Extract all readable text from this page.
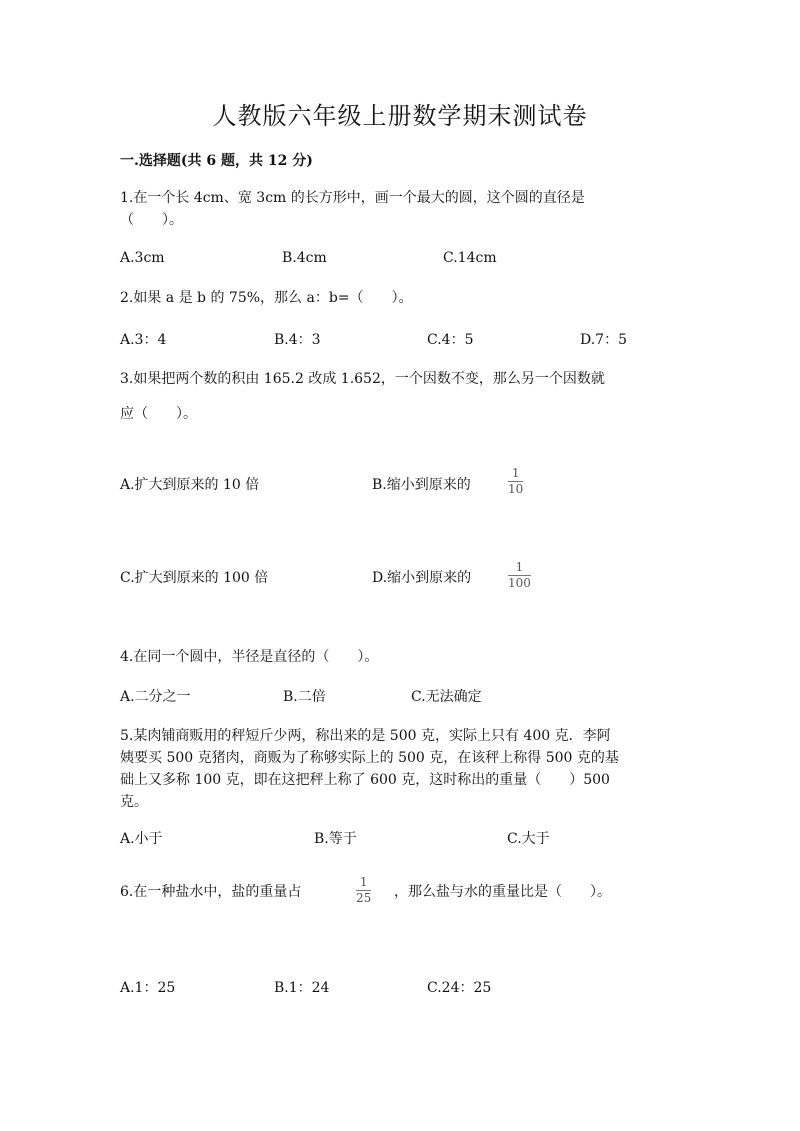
人教版六年级上册数学期末测试卷
一.选择题(共 6 题，共 12 分)
1.在一个长 4cm、宽 3cm 的长方形中，画一个最大的圆，这个圆的直径是
（　　）。
A.3cm	B.4cm	C.14cm
2.如果 a 是 b 的 75%，那么 a：b=（　　）。
A.3：4	B.4：3	C.4：5	D.7：5
3.如果把两个数的积由 165.2 改成 1.652，一个因数不变，那么另一个因数就
应（　　）。
A.扩大到原来的 10 倍	B.缩小到原来的
1
10
C.扩大到原来的 100 倍	D.缩小到原来的
1
100
4.在同一个圆中，半径是直径的（　　）。
A.二分之一	B.二倍	C.无法确定
5.某肉铺商贩用的秤短斤少两，称出来的是 500 克，实际上只有 400 克．李阿
姨要买 500 克猪肉，商贩为了称够实际上的 500 克，在该秤上称得 500 克的基
础上又多称 100 克，即在这把秤上称了 600 克，这时称出的重量（　　）500
克。
A.小于	B.等于	C.大于
6.在一种盐水中，盐的重量占
1
25 ，那么盐与水的重量比是（　　）。
A.1：25	B.1：24	C.24：25
